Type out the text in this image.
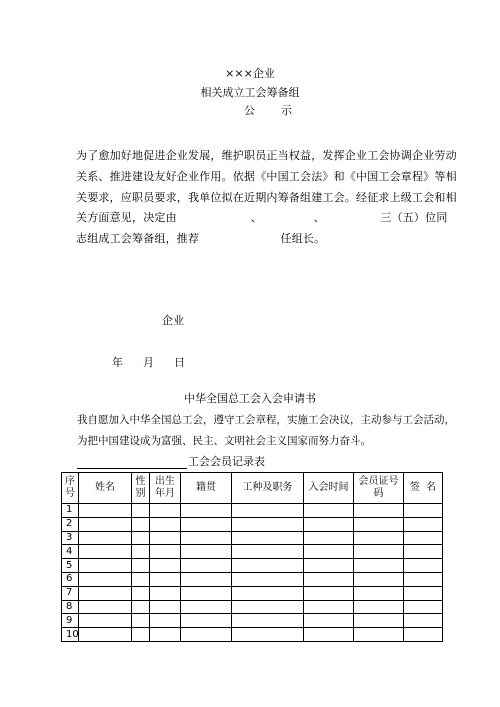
×××企业
相关成立工会筹备组
公 示
为了愈加好地促进企业发展，维护职员正当权益，发挥企业工会协调企业劳动
关系、推进建设友好企业作用。依据《中国工会法》和《中国工会章程》等相
关要求，应职员要求，我单位拟在近期内筹备组建工会。经征求上级工会和相
关方面意见，决定由                    、              、               三（五）位同
志组成工会筹备组，推荐                      任组长。
企业
年 月 日
中华全国总工会入会申请书
我自愿加入中华全国总工会，遵守工会章程，实施工会决议，主动参与工会活动，
为把中国建设成为富强、民主、文明社会主义国家而努力奋斗。
工会会员记录表
序号	姓名	性别	出生年月	籍贯	工种及职务	入会时间	会员证号码	签  名
1								
2								
3								
4								
5								
6								
7								
8								
9								
10								
